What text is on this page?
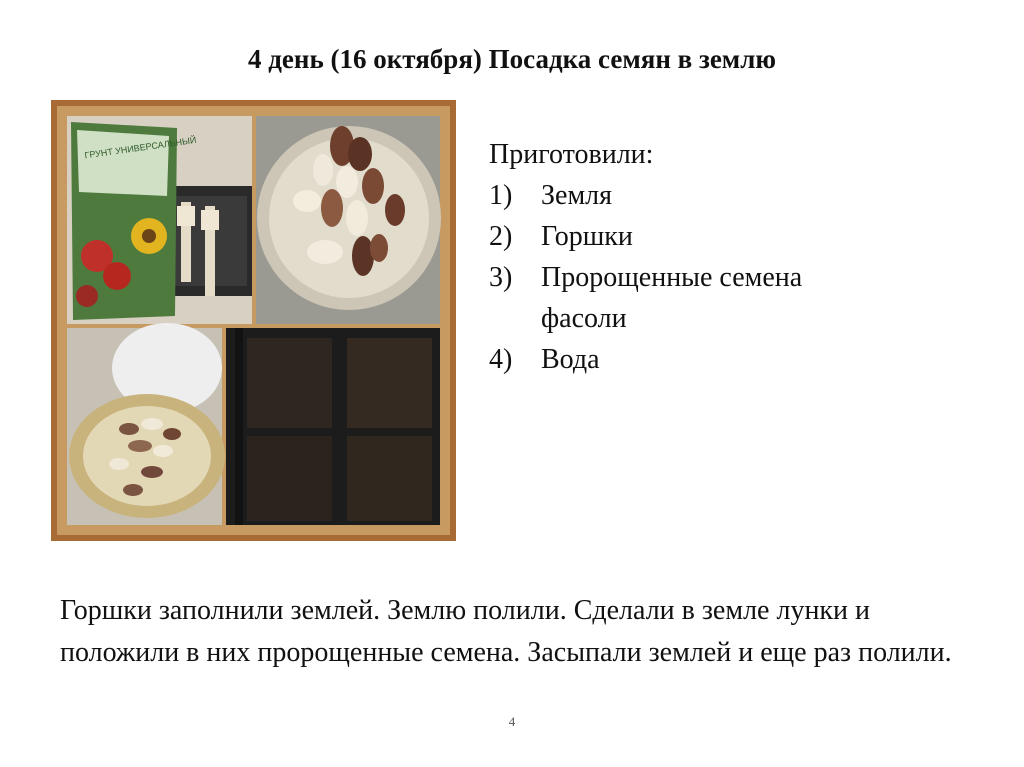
4 день (16 октября) Посадка семян в землю
ГРУНТ УНИВЕРСАЛЬНЫЙ	Приготовили:
1)	Земля
2)	Горшки
3)	Пророщенные семена фасоли
4)	Вода
Горшки заполнили землей. Землю полили. Сделали в земле лунки и положили в них пророщенные семена. Засыпали землей и еще раз полили.
4
